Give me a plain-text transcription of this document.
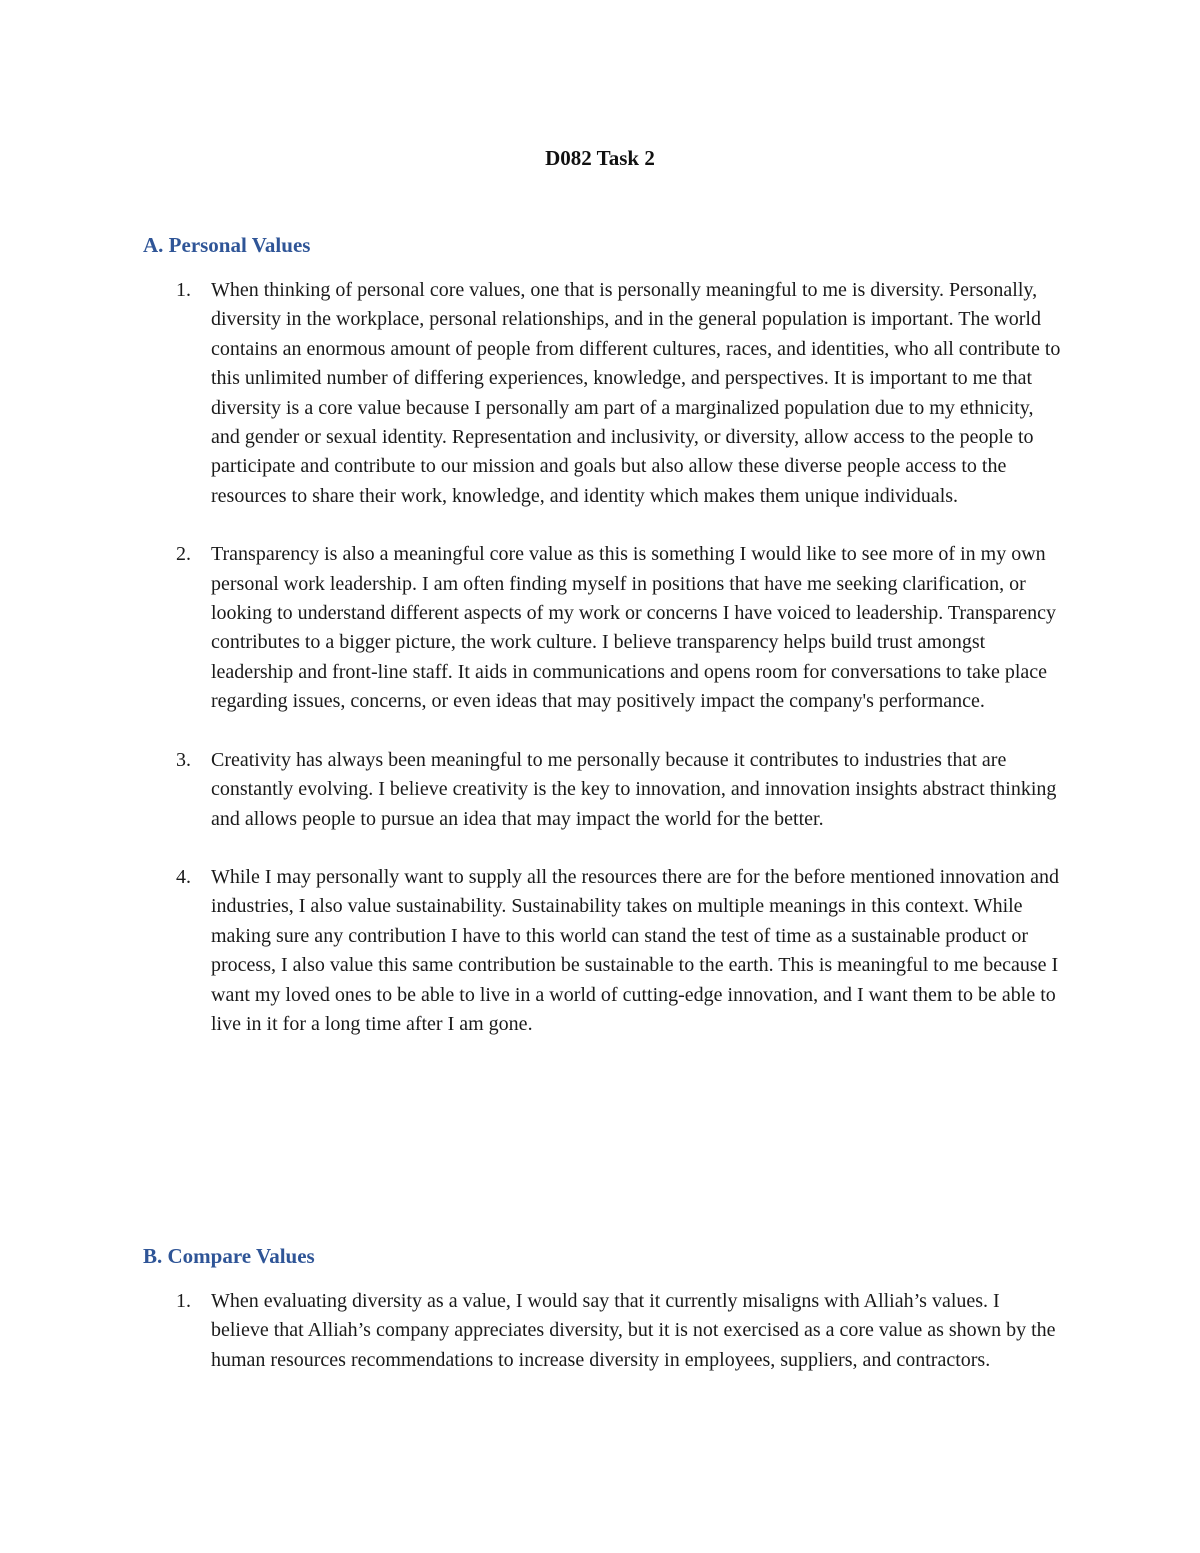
D082 Task 2
A. Personal Values
1. When thinking of personal core values, one that is personally meaningful to me is diversity. Personally, diversity in the workplace, personal relationships, and in the general population is important. The world contains an enormous amount of people from different cultures, races, and identities, who all contribute to this unlimited number of differing experiences, knowledge, and perspectives. It is important to me that diversity is a core value because I personally am part of a marginalized population due to my ethnicity, and gender or sexual identity. Representation and inclusivity, or diversity, allow access to the people to participate and contribute to our mission and goals but also allow these diverse people access to the resources to share their work, knowledge, and identity which makes them unique individuals.
2. Transparency is also a meaningful core value as this is something I would like to see more of in my own personal work leadership. I am often finding myself in positions that have me seeking clarification, or looking to understand different aspects of my work or concerns I have voiced to leadership. Transparency contributes to a bigger picture, the work culture. I believe transparency helps build trust amongst leadership and front-line staff. It aids in communications and opens room for conversations to take place regarding issues, concerns, or even ideas that may positively impact the company's performance.
3. Creativity has always been meaningful to me personally because it contributes to industries that are constantly evolving. I believe creativity is the key to innovation, and innovation insights abstract thinking and allows people to pursue an idea that may impact the world for the better.
4. While I may personally want to supply all the resources there are for the before mentioned innovation and industries, I also value sustainability. Sustainability takes on multiple meanings in this context. While making sure any contribution I have to this world can stand the test of time as a sustainable product or process, I also value this same contribution be sustainable to the earth. This is meaningful to me because I want my loved ones to be able to live in a world of cutting-edge innovation, and I want them to be able to live in it for a long time after I am gone.
B. Compare Values
1. When evaluating diversity as a value, I would say that it currently misaligns with Alliah’s values. I believe that Alliah’s company appreciates diversity, but it is not exercised as a core value as shown by the human resources recommendations to increase diversity in employees, suppliers, and contractors.
